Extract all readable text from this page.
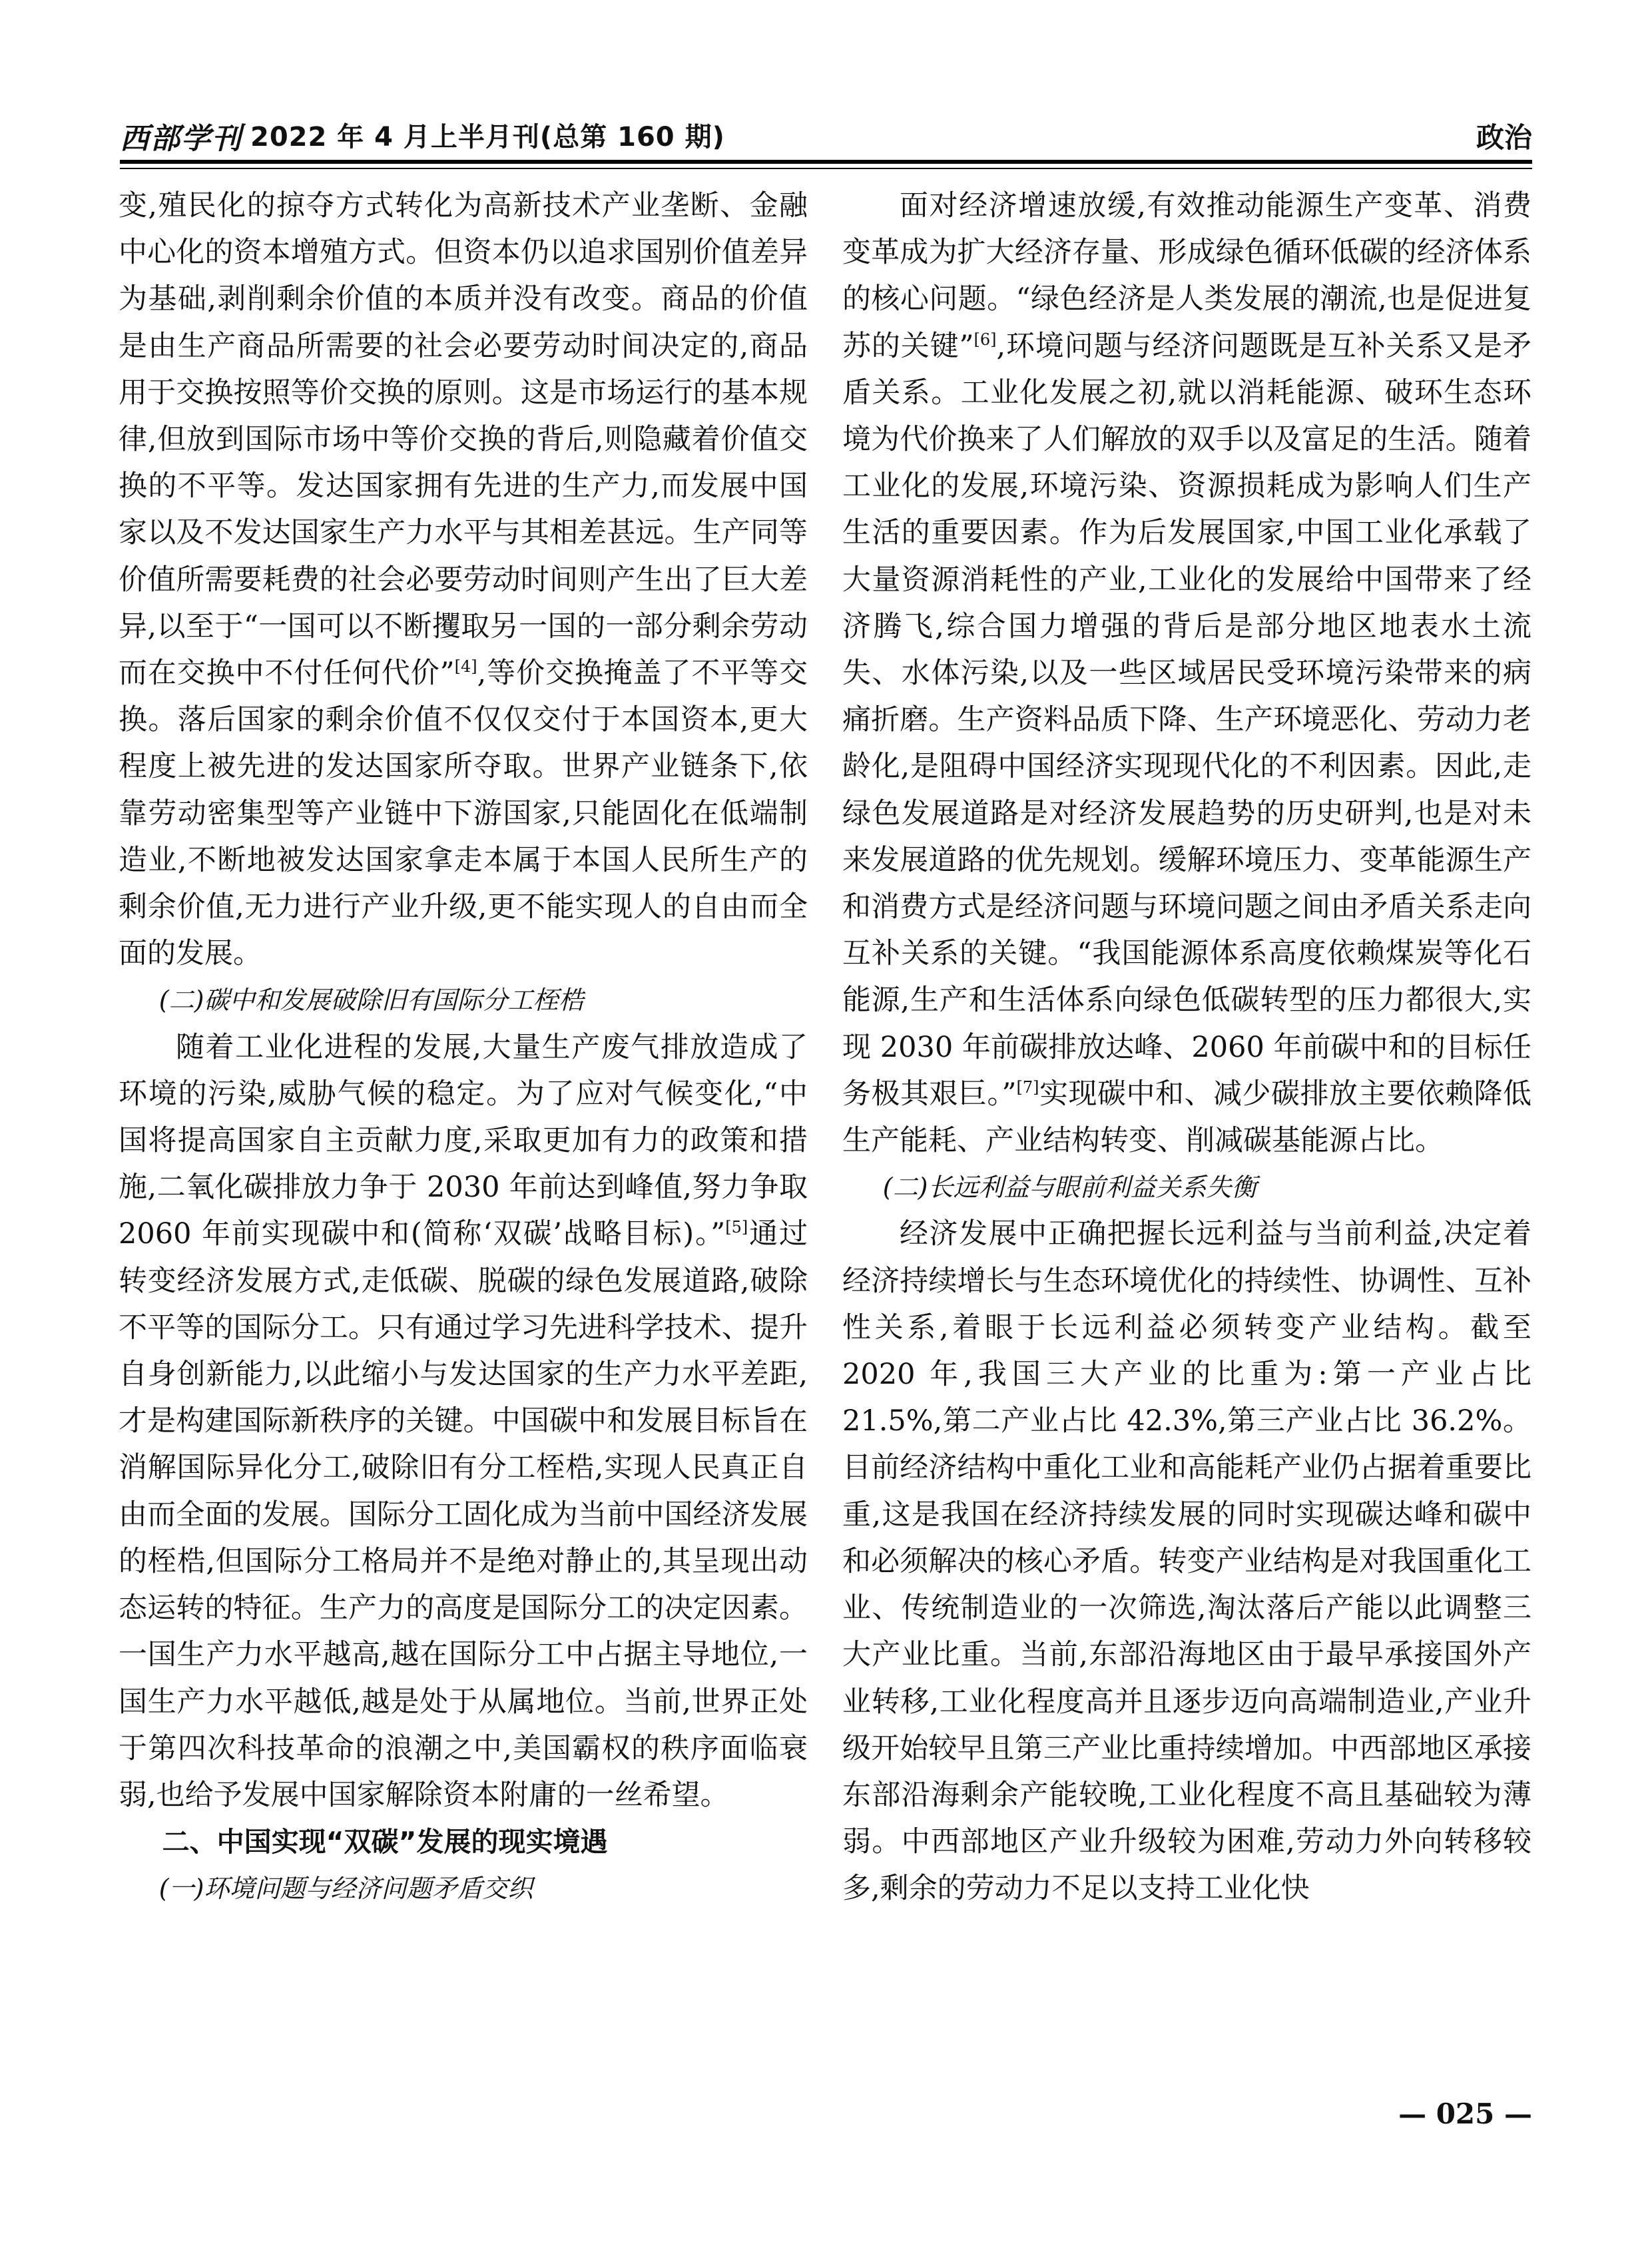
西部学刊 2022 年 4 月上半月刊(总第 160 期)	政治

变,殖民化的掠夺方式转化为高新技术产业垄断、金融中心化的资本增殖方式。但资本仍以追求国别价值差异为基础,剥削剩余价值的本质并没有改变。商品的价值是由生产商品所需要的社会必要劳动时间决定的,商品用于交换按照等价交换的原则。这是市场运行的基本规律,但放到国际市场中等价交换的背后,则隐藏着价值交换的不平等。发达国家拥有先进的生产力,而发展中国家以及不发达国家生产力水平与其相差甚远。生产同等价值所需要耗费的社会必要劳动时间则产生出了巨大差异,以至于“一国可以不断攫取另一国的一部分剩余劳动而在交换中不付任何代价”[4],等价交换掩盖了不平等交换。落后国家的剩余价值不仅仅交付于本国资本,更大程度上被先进的发达国家所夺取。世界产业链条下,依靠劳动密集型等产业链中下游国家,只能固化在低端制造业,不断地被发达国家拿走本属于本国人民所生产的剩余价值,无力进行产业升级,更不能实现人的自由而全面的发展。

(二)碳中和发展破除旧有国际分工桎梏

随着工业化进程的发展,大量生产废气排放造成了环境的污染,威胁气候的稳定。为了应对气候变化,“中国将提高国家自主贡献力度,采取更加有力的政策和措施,二氧化碳排放力争于 2030 年前达到峰值,努力争取 2060 年前实现碳中和(简称‘双碳’战略目标)。”[5]通过转变经济发展方式,走低碳、脱碳的绿色发展道路,破除不平等的国际分工。只有通过学习先进科学技术、提升自身创新能力,以此缩小与发达国家的生产力水平差距,才是构建国际新秩序的关键。中国碳中和发展目标旨在消解国际异化分工,破除旧有分工桎梏,实现人民真正自由而全面的发展。国际分工固化成为当前中国经济发展的桎梏,但国际分工格局并不是绝对静止的,其呈现出动态运转的特征。生产力的高度是国际分工的决定因素。一国生产力水平越高,越在国际分工中占据主导地位,一国生产力水平越低,越是处于从属地位。当前,世界正处于第四次科技革命的浪潮之中,美国霸权的秩序面临衰弱,也给予发展中国家解除资本附庸的一丝希望。

二、中国实现“双碳”发展的现实境遇

(一)环境问题与经济问题矛盾交织

面对经济增速放缓,有效推动能源生产变革、消费变革成为扩大经济存量、形成绿色循环低碳的经济体系的核心问题。“绿色经济是人类发展的潮流,也是促进复苏的关键”[6],环境问题与经济问题既是互补关系又是矛盾关系。工业化发展之初,就以消耗能源、破环生态环境为代价换来了人们解放的双手以及富足的生活。随着工业化的发展,环境污染、资源损耗成为影响人们生产生活的重要因素。作为后发展国家,中国工业化承载了大量资源消耗性的产业,工业化的发展给中国带来了经济腾飞,综合国力增强的背后是部分地区地表水土流失、水体污染,以及一些区域居民受环境污染带来的病痛折磨。生产资料品质下降、生产环境恶化、劳动力老龄化,是阻碍中国经济实现现代化的不利因素。因此,走绿色发展道路是对经济发展趋势的历史研判,也是对未来发展道路的优先规划。缓解环境压力、变革能源生产和消费方式是经济问题与环境问题之间由矛盾关系走向互补关系的关键。“我国能源体系高度依赖煤炭等化石能源,生产和生活体系向绿色低碳转型的压力都很大,实现 2030 年前碳排放达峰、2060 年前碳中和的目标任务极其艰巨。”[7]实现碳中和、减少碳排放主要依赖降低生产能耗、产业结构转变、削减碳基能源占比。

(二)长远利益与眼前利益关系失衡

经济发展中正确把握长远利益与当前利益,决定着经济持续增长与生态环境优化的持续性、协调性、互补性关系,着眼于长远利益必须转变产业结构。截至 2020 年,我国三大产业的比重为:第一产业占比 21.5%,第二产业占比 42.3%,第三产业占比 36.2%。目前经济结构中重化工业和高能耗产业仍占据着重要比重,这是我国在经济持续发展的同时实现碳达峰和碳中和必须解决的核心矛盾。转变产业结构是对我国重化工业、传统制造业的一次筛选,淘汰落后产能以此调整三大产业比重。当前,东部沿海地区由于最早承接国外产业转移,工业化程度高并且逐步迈向高端制造业,产业升级开始较早且第三产业比重持续增加。中西部地区承接东部沿海剩余产能较晚,工业化程度不高且基础较为薄弱。中西部地区产业升级较为困难,劳动力外向转移较多,剩余的劳动力不足以支持工业化快

— 025 —
